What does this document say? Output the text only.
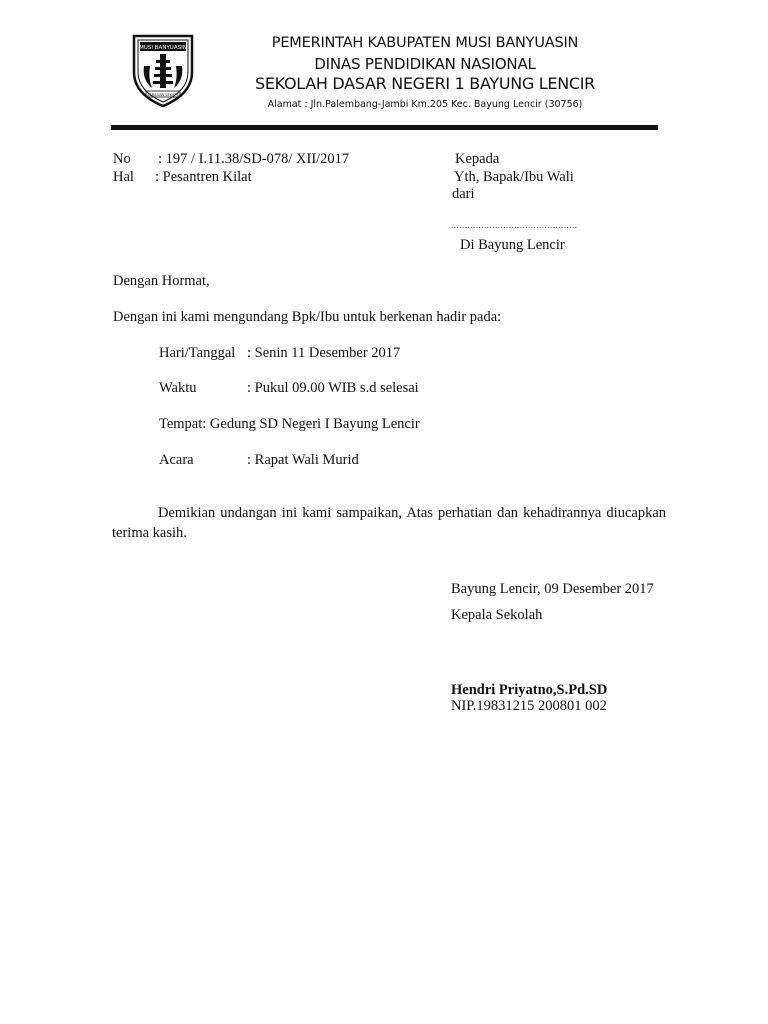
MUSI BANYUASIN
SERASAN SEKATE
PEMERINTAH KABUPATEN MUSI BANYUASIN
DINAS PENDIDIKAN NASIONAL
SEKOLAH DASAR NEGERI 1 BAYUNG LENCIR
Alamat : Jln.Palembang-Jambi Km.205 Kec. Bayung Lencir (30756)
No : 197 / I.11.38/SD-078/ XII/2017
Hal : Pesantren Kilat
Kepada
Yth, Bapak/Ibu Wali
dari
..............................................
Di Bayung Lencir
Dengan Hormat,
Dengan ini kami mengundang Bpk/Ibu untuk berkenan hadir pada:
Hari/Tanggal : Senin 11 Desember 2017
Waktu	: Pukul 09.00 WIB s.d selesai
Tempat: Gedung SD Negeri I Bayung Lencir
Acara	: Rapat Wali Murid
Demikian undangan ini kami sampaikan, Atas perhatian dan kehadirannya diucapkan terima kasih.
Bayung Lencir, 09 Desember 2017
Kepala Sekolah
Hendri Priyatno,S.Pd.SD
NIP.19831215 200801 002
